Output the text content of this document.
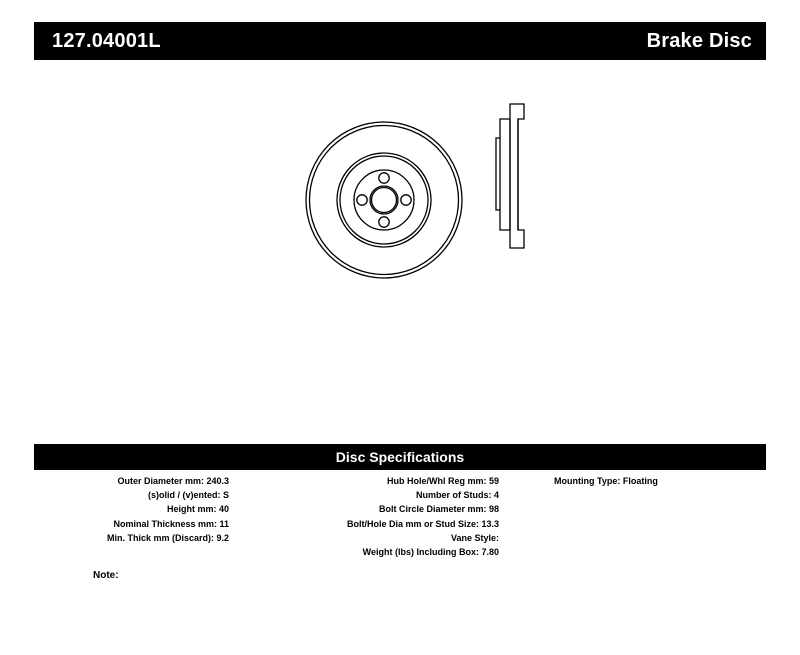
127.04001L	Brake Disc
Disc Specifications
Outer Diameter mm: 240.3
(s)olid / (v)ented: S
Height mm: 40
Nominal Thickness mm: 11
Min. Thick mm (Discard): 9.2
Hub Hole/Whl Reg mm: 59
Number of Studs: 4
Bolt Circle Diameter mm: 98
Bolt/Hole Dia mm or Stud Size: 13.3
Vane Style:
Weight (lbs) Including Box: 7.80
Mounting Type: Floating
Note:
